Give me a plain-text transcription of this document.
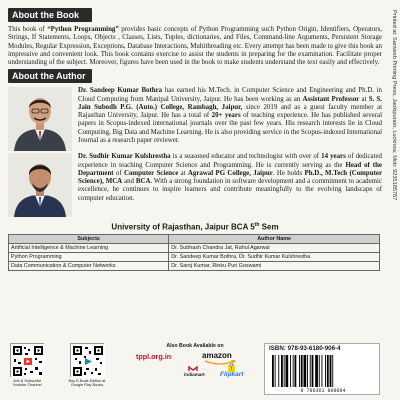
Printed at: Sarwesh Printing Press, Jankipuram, Lucknow, Mob: 9235185767
About the Book

This book of “Python Programming” provides basic concepts of Python Programming such Python Origin, Identifiers, Operators, Strings, If Statements, Loops, Objects , Classes, Lists, Tuples, dictionaries, and Files, Command-line Arguments, Persistent Storage Modules, Regular Expression, Exceptions, Database Interactions, Multithreading etc. Every attempt has been made to give this book an impressive and convenient look. This book contains exercise to assist the students in preparing for the examination. Facilitate proper understanding of the subject. Moreover, figures have been used in the book to make students understand the text easily and effectively.

About the Author

Dr. Sandeep Kumar Bothra has earned his M.Tech. in Computer Science and Engineering and Ph.D. in Cloud Computing from Manipal University, Jaipur. He has been working as an Assistant Professor at S. S. Jain Subodh P.G. (Auto.) College, Rambagh, Jaipur, since 2019 and as a guest faculty member at Rajasthan University, Jaipur. He has a total of 20+ years of teaching experience. He has published several papers in Scopus-indexed international journals over the past few years. His research interests lie in Cloud Computing, Big Data and Machine Learning. He is also providing service in the Scopus-indexed International Journal as a research paper reviewer.

Dr. Sudhir Kumar Kulshrestha is a seasoned educator and technologist with over of 14 years of dedicated experience in teaching Computer Science and Programming. He is currently serving as the Head of the Department of Computer Science at Agrawal PG College, Jaipur. He holds Ph.D., M.Tech (Computer Science), MCA and BCA. With a strong foundation in software development and a commitment to academic excellence, he continues to inspire learners and contribute meaningfully to the evolving landscape of computer education.

University of Rajasthan, Jaipur BCA 5th Sem
Subjects	Author Name
Artificial Intelligence & Machine Learning	Dr. Subhash Chandra Jat, Rahul Agarwal
Python Programming	Dr. Sandeep Kumar Bothra, Dr. Sudhir Kumar Kulshrestha
Data Communication & Computer Networks	Dr. Saroj Kumar, Rinku Puri Goswami
Join & Subscribe Youtube Channel
Buy E-Book Edition at Google Play Books
Also Book Available on
tppl.org.in	amazon
indiamart
f
Flipkart
ISBN: 978-93-6180-906-4
9 789361 809064
